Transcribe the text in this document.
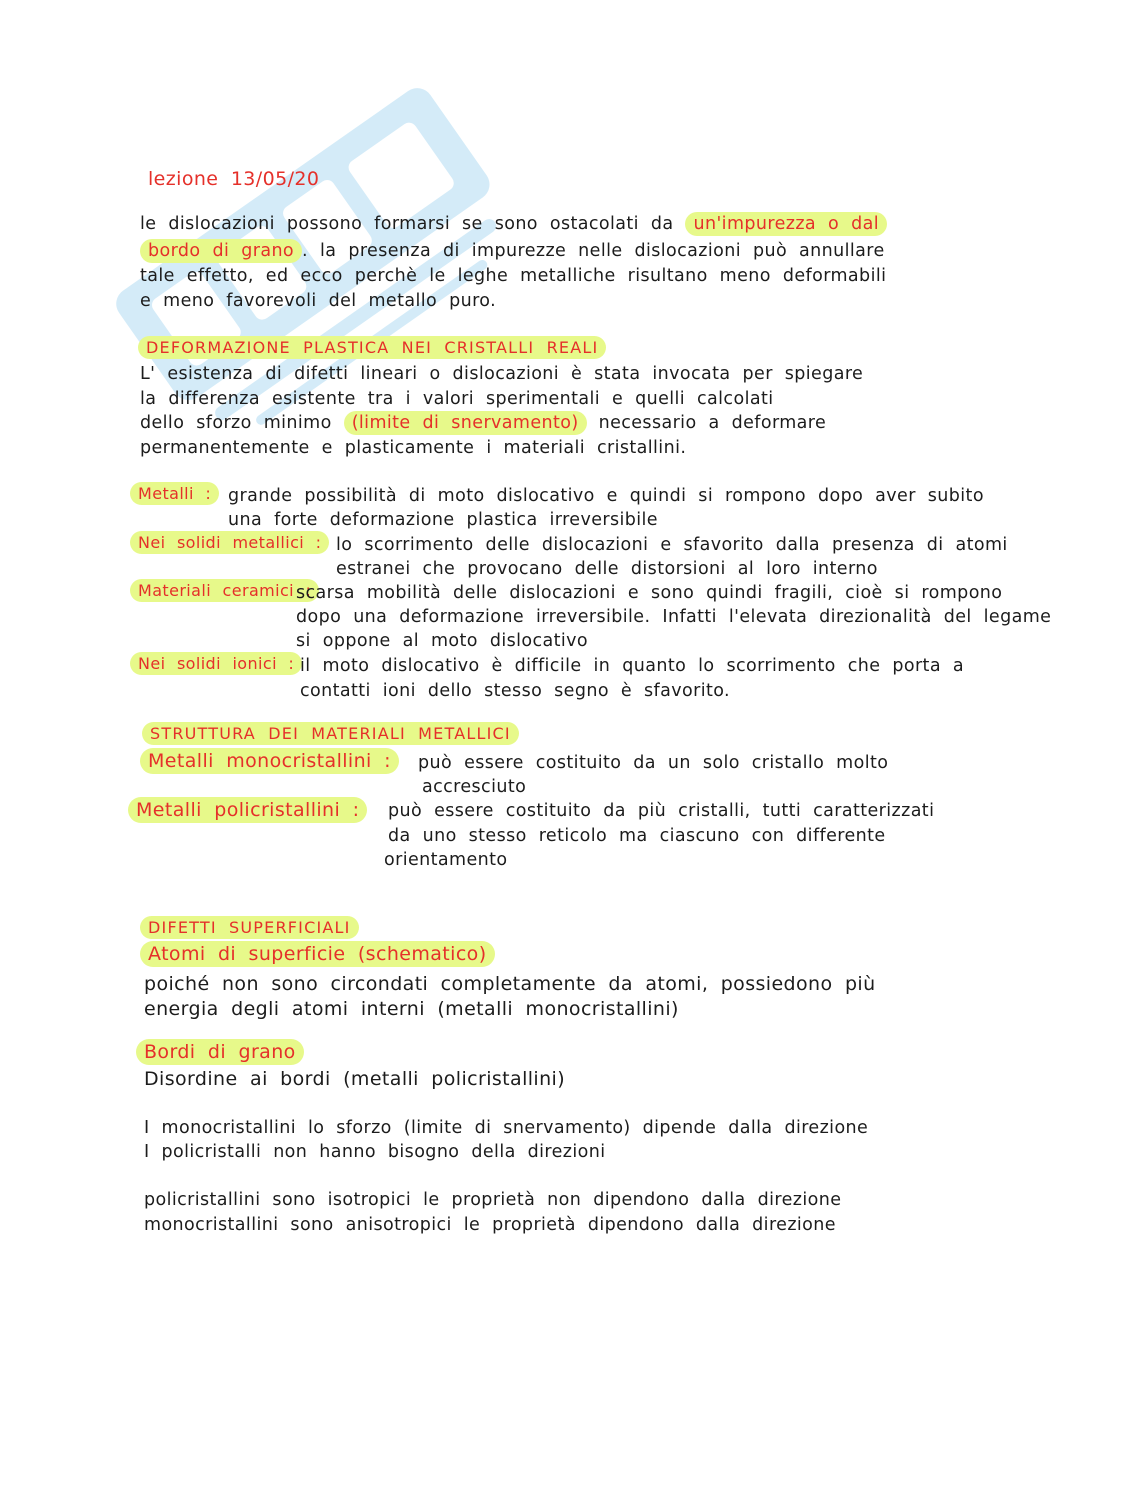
lezione 13/05/20
le dislocazioni possono formarsi se sono ostacolati da un'impurezza o dal
bordo di grano . la presenza di impurezze nelle dislocazioni può annullare
tale effetto, ed ecco perchè le leghe metalliche risultano meno deformabili
e meno favorevoli del metallo puro.
DEFORMAZIONE PLASTICA NEI CRISTALLI REALI
L' esistenza di difetti lineari o dislocazioni è stata invocata per spiegare
la differenza esistente tra i valori sperimentali e quelli calcolati
dello sforzo minimo (limite di snervamento) necessario a deformare
permanentemente e plasticamente i materiali cristallini.
Metalli : grande possibilità di moto dislocativo e quindi si rompono dopo aver subito
una forte deformazione plastica irreversibile
Nei solidi metallici : lo scorrimento delle dislocazioni e sfavorito dalla presenza di atomi
estranei che provocano delle distorsioni al loro interno
Materiali ceramici :
scarsa mobilità delle dislocazioni e sono quindi fragili, cioè si rompono
dopo una deformazione irreversibile. Infatti l'elevata direzionalità del legame
si oppone al moto dislocativo
Nei solidi ionici : il moto dislocativo è difficile in quanto lo scorrimento che porta a
contatti ioni dello stesso segno è sfavorito.
STRUTTURA DEI MATERIALI METALLICI
Metalli monocristallini :	può essere costituito da un solo cristallo molto
accresciuto
Metalli policristallini :	può essere costituito da più cristalli, tutti caratterizzati
da uno stesso reticolo ma ciascuno con differente
orientamento
DIFETTI SUPERFICIALI
Atomi di superficie (schematico)
poiché non sono circondati completamente da atomi, possiedono più
energia degli atomi interni (metalli monocristallini)
Bordi di grano
Disordine ai bordi (metalli policristallini)
I monocristallini lo sforzo (limite di snervamento) dipende dalla direzione
I policristalli non hanno bisogno della direzioni
policristallini sono isotropici le proprietà non dipendono dalla direzione
monocristallini sono anisotropici le proprietà dipendono dalla direzione
